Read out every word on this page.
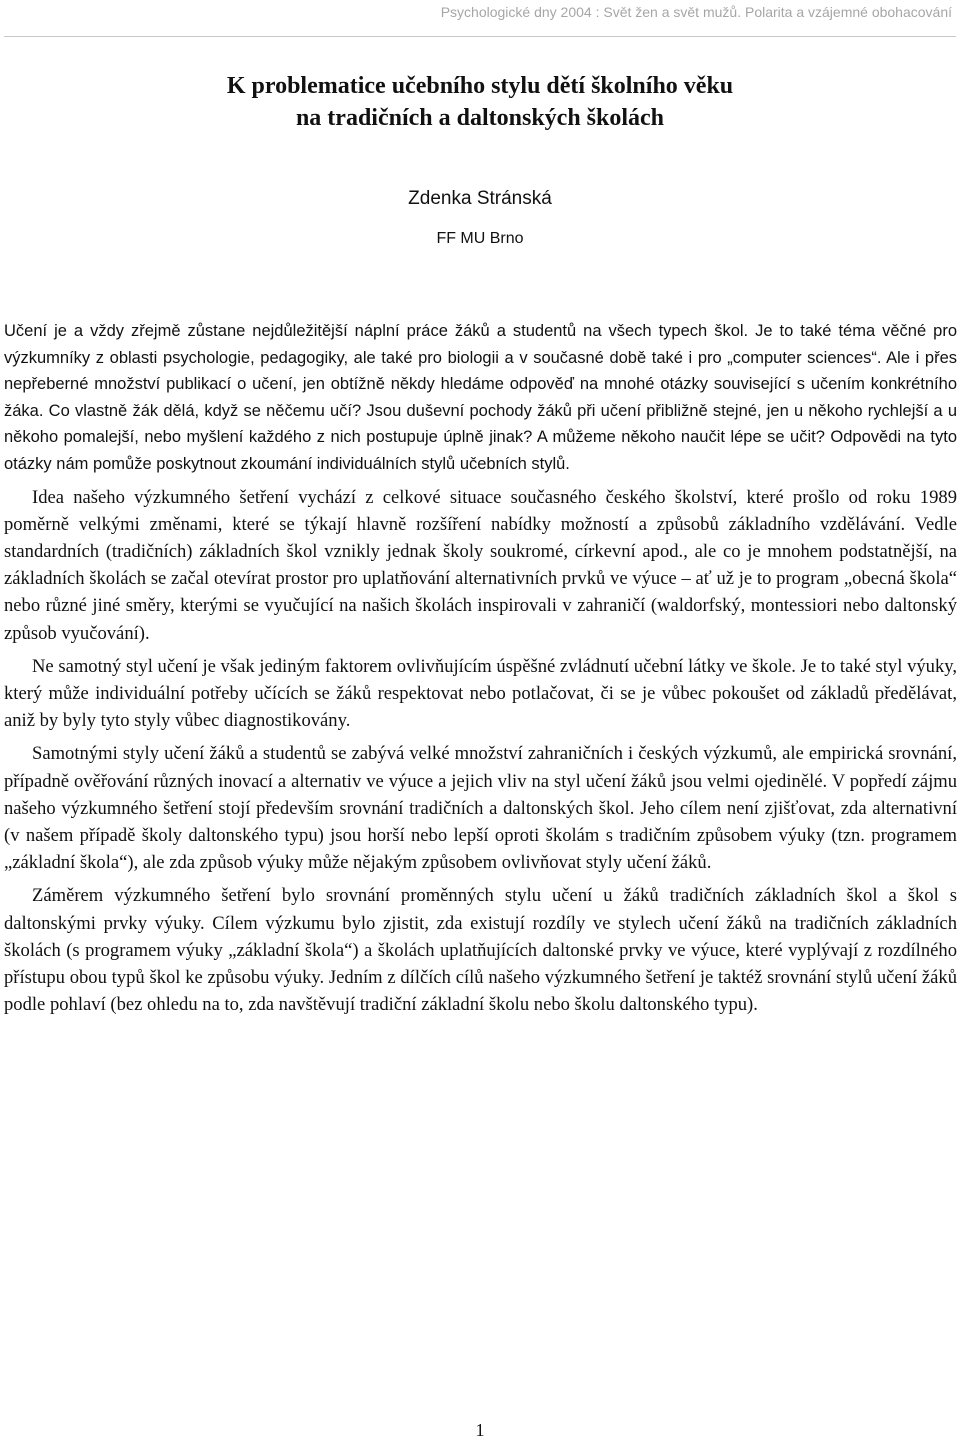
Psychologické dny 2004 : Svět žen a svět mužů. Polarita a vzájemné obohacování
K problematice učebního stylu dětí školního věku
na tradičních a daltonských školách
Zdenka Stránská
FF MU Brno

Učení je a vždy zřejmě zůstane nejdůležitější náplní práce žáků a studentů na všech typech škol. Je to také téma věčné pro výzkumníky z oblasti psychologie, pedagogiky, ale také pro biologii a v současné době také i pro „computer sciences“. Ale i přes nepřeberné množství publikací o učení, jen obtížně někdy hledáme odpověď na mnohé otázky související s učením konkrétního žáka. Co vlastně žák dělá, když se něčemu učí? Jsou duševní pochody žáků při učení přibližně stejné, jen u někoho rychlejší a u někoho pomalejší, nebo myšlení každého z nich postupuje úplně jinak? A můžeme někoho naučit lépe se učit? Odpovědi na tyto otázky nám pomůže poskytnout zkoumání individuálních stylů učebních stylů.

Idea našeho výzkumného šetření vychází z celkové situace současného českého školství, které prošlo od roku 1989 poměrně velkými změnami, které se týkají hlavně rozšíření nabídky možností a způsobů základního vzdělávání. Vedle standardních (tradičních) základních škol vznikly jednak školy soukromé, církevní apod., ale co je mnohem podstatnější, na základních školách se začal otevírat prostor pro uplatňování alternativních prvků ve výuce – ať už je to program „obecná škola“ nebo různé jiné směry, kterými se vyučující na našich školách inspirovali v zahraničí (waldorfský, montessiori nebo daltonský způsob vyučování).

Ne samotný styl učení je však jediným faktorem ovlivňujícím úspěšné zvládnutí učební látky ve škole. Je to také styl výuky, který může individuální potřeby učících se žáků respektovat nebo potlačovat, či se je vůbec pokoušet od základů předělávat, aniž by byly tyto styly vůbec diagnostikovány.

Samotnými styly učení žáků a studentů se zabývá velké množství zahraničních i českých výzkumů, ale empirická srovnání, případně ověřování různých inovací a alternativ ve výuce a jejich vliv na styl učení žáků jsou velmi ojedinělé. V popředí zájmu našeho výzkumného šetření stojí především srovnání tradičních a daltonských škol. Jeho cílem není zjišťovat, zda alternativní (v našem případě školy daltonského typu) jsou horší nebo lepší oproti školám s tradičním způsobem výuky (tzn. programem „základní škola“), ale zda způsob výuky může nějakým způsobem ovlivňovat styly učení žáků.

Záměrem výzkumného šetření bylo srovnání proměnných stylu učení u žáků tradičních základních škol a škol s daltonskými prvky výuky. Cílem výzkumu bylo zjistit, zda existují rozdíly ve stylech učení žáků na tradičních základních školách (s programem výuky „základní škola“) a školách uplatňujících daltonské prvky ve výuce, které vyplývají z rozdílného přístupu obou typů škol ke způsobu výuky. Jedním z dílčích cílů našeho výzkumného šetření je taktéž srovnání stylů učení žáků podle pohlaví (bez ohledu na to, zda navštěvují tradiční základní školu nebo školu daltonského typu).

1
